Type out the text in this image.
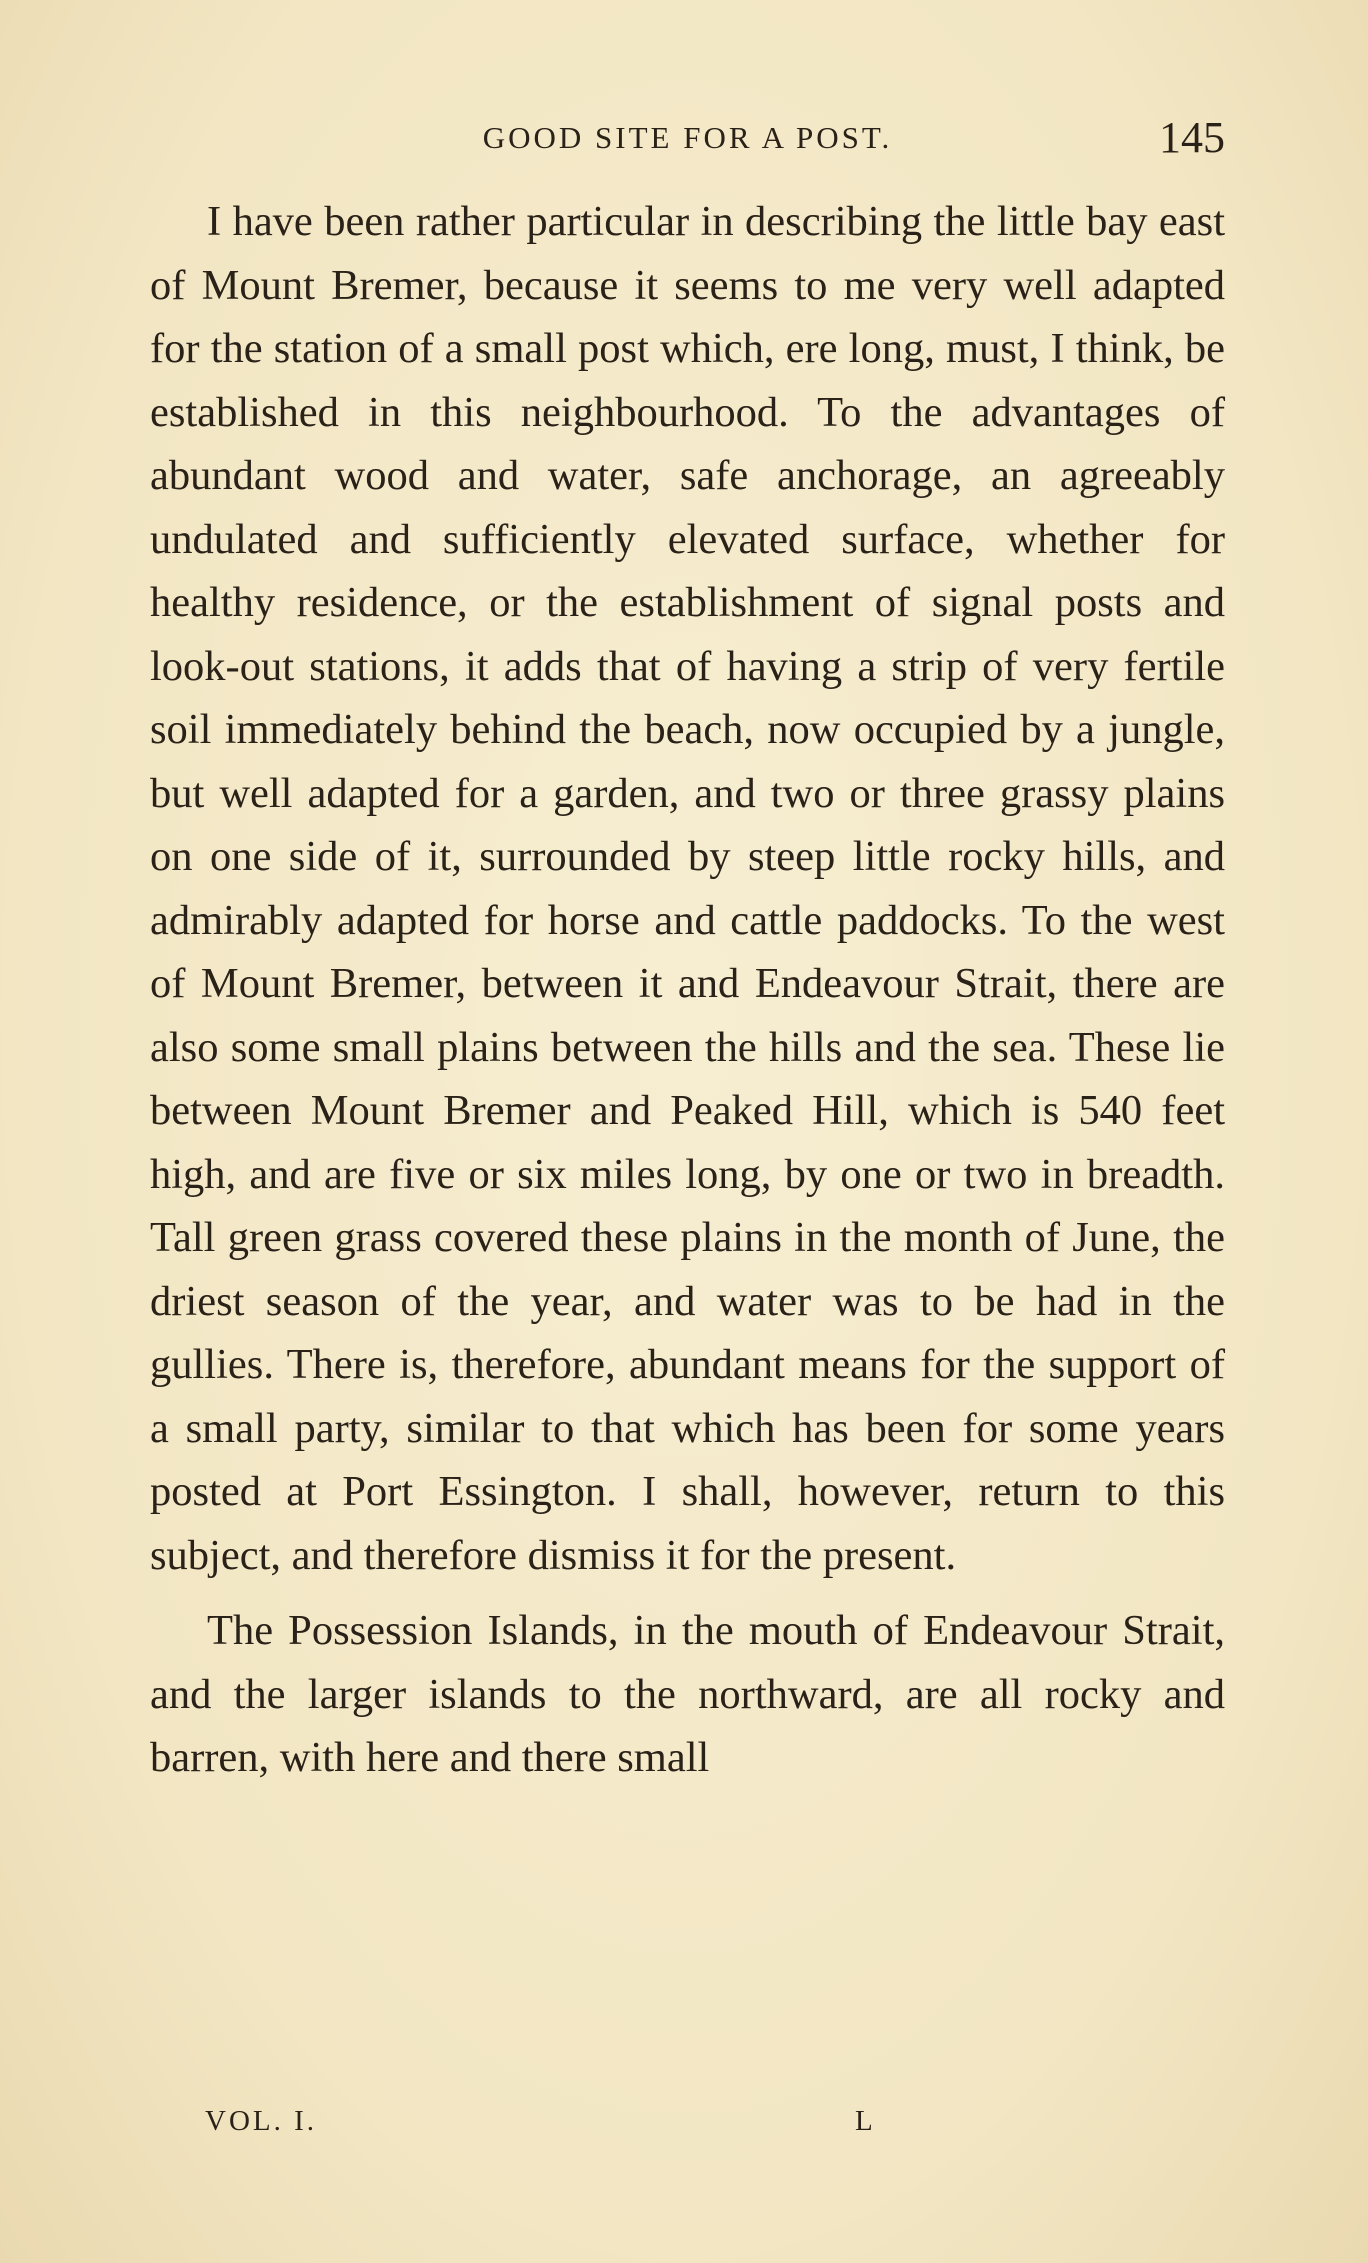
GOOD SITE FOR A POST.	145

I have been rather particular in describing the little bay east of Mount Bremer, because it seems to me very well adapted for the station of a small post which, ere long, must, I think, be established in this neighbourhood. To the advantages of abundant wood and water, safe anchorage, an agreeably undulated and sufficiently elevated surface, whether for healthy residence, or the establishment of signal posts and look-out stations, it adds that of having a strip of very fertile soil immediately behind the beach, now occupied by a jungle, but well adapted for a garden, and two or three grassy plains on one side of it, surrounded by steep little rocky hills, and admirably adapted for horse and cattle paddocks. To the west of Mount Bremer, between it and Endeavour Strait, there are also some small plains between the hills and the sea. These lie between Mount Bremer and Peaked Hill, which is 540 feet high, and are five or six miles long, by one or two in breadth. Tall green grass covered these plains in the month of June, the driest season of the year, and water was to be had in the gullies. There is, therefore, abundant means for the support of a small party, similar to that which has been for some years posted at Port Essington. I shall, however, return to this subject, and therefore dismiss it for the present.

The Possession Islands, in the mouth of Endeavour Strait, and the larger islands to the northward, are all rocky and barren, with here and there small

VOL. I.	L
